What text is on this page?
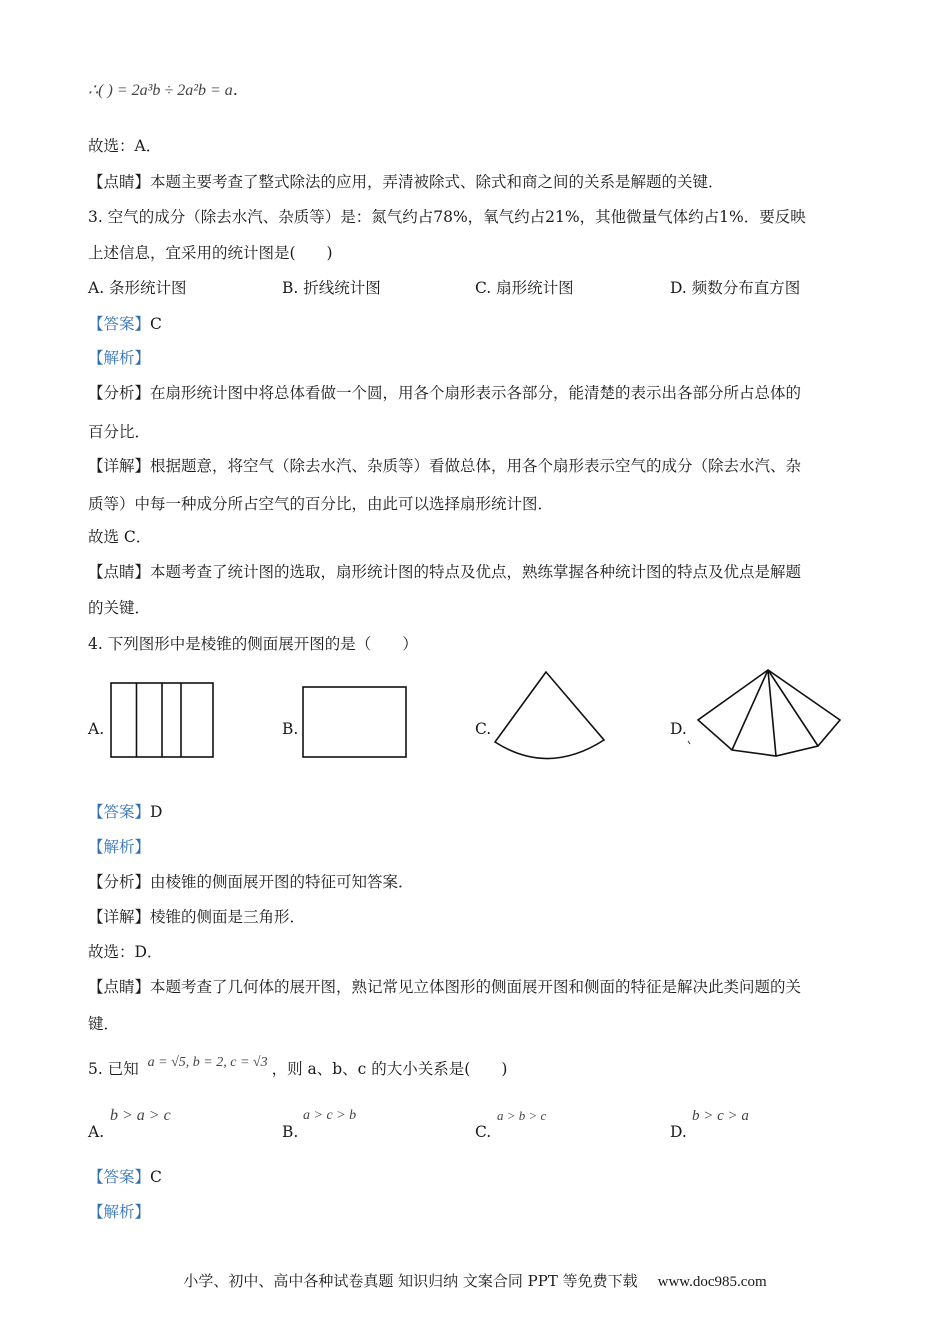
∴( ) = 2a³b ÷ 2a²b = a.
故选：A．
【点睛】本题主要考查了整式除法的应用，弄清被除式、除式和商之间的关系是解题的关键．
3. 空气的成分（除去水汽、杂质等）是：氮气约占78%，氧气约占21%，其他微量气体约占1%．要反映
上述信息，宜采用的统计图是(　　)
A. 条形统计图	B. 折线统计图	C. 扇形统计图	D. 频数分布直方图
【答案】C
【解析】
【分析】在扇形统计图中将总体看做一个圆，用各个扇形表示各部分，能清楚的表示出各部分所占总体的
百分比．
【详解】根据题意，将空气（除去水汽、杂质等）看做总体，用各个扇形表示空气的成分（除去水汽、杂
质等）中每一种成分所占空气的百分比，由此可以选择扇形统计图．
故选 C．
【点睛】本题考查了统计图的选取，扇形统计图的特点及优点，熟练掌握各种统计图的特点及优点是解题
的关键．
4. 下列图形中是棱锥的侧面展开图的是（　　）
A.	B.	C.	D.
【答案】D
【解析】
【分析】由棱锥的侧面展开图的特征可知答案．
【详解】棱锥的侧面是三角形．
故选：D．
【点睛】本题考查了几何体的展开图，熟记常见立体图形的侧面展开图和侧面的特征是解决此类问题的关
键．
5. 已知 a = √5, b = 2, c = √3 ，则 a、b、c 的大小关系是(　　)
A.
b > a > c
B.
a > c > b
C.
a > b > c
D.
b > c > a
【答案】C
【解析】
小学、初中、高中各种试卷真题 知识归纳 文案合同 PPT 等免费下载 www.doc985.com
